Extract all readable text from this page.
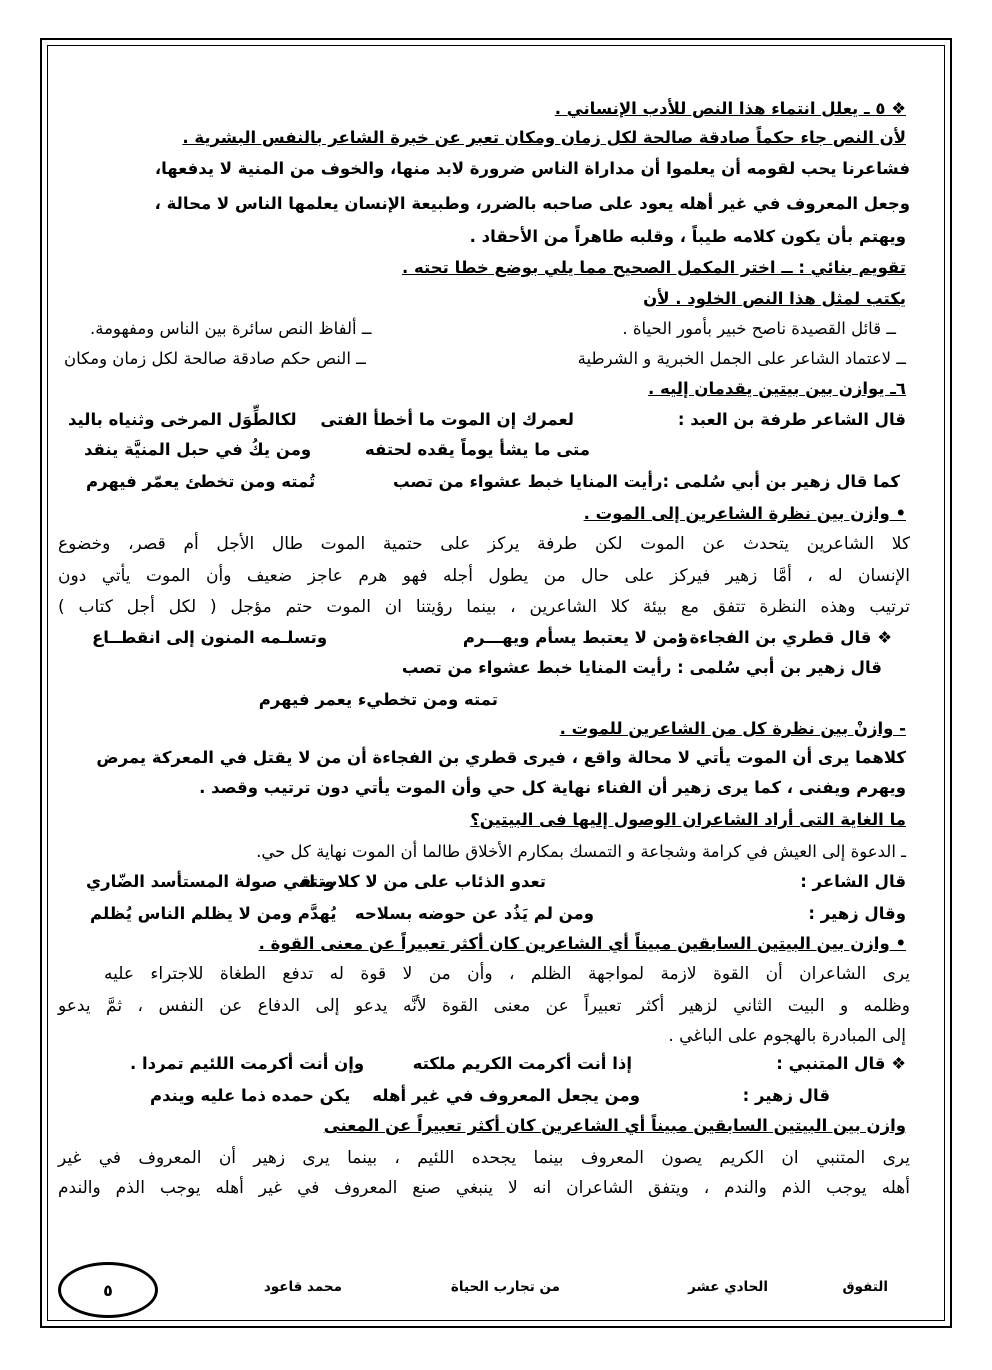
❖ ٥ ـ يعلل انتماء هذا النص للأدب الإنساني .
لأن النص جاء حكماً صادقة صالحة لكل زمان ومكان تعبر عن خبرة الشاعر بالنفس البشرية .
فشاعرنا يحب لقومه أن يعلموا أن مداراة الناس ضرورة لابد منها، والخوف من المنية لا يدفعها،
وجعل المعروف في غير أهله يعود على صاحبه بالضرر، وطبيعة الإنسان يعلمها الناس لا محالة ،
ويهتم بأن يكون كلامه طيباً ، وقلبه طاهراً من الأحقاد .
تقويم بنائي : ــ اختر المكمل الصحيح مما يلي بوضع خطا تحته .
يكتب لمثل هذا النص الخلود . لأن
ــ قائل القصيدة ناصح خبير بأمور الحياة .
ــ ألفاظ النص سائرة بين الناس ومفهومة.
ــ لاعتماد الشاعر على الجمل الخبرية و الشرطية
ــ النص حكم صادقة صالحة لكل زمان ومكان
٦ـ يوازن بين بيتين يقدمان إليه .
قال الشاعر طرفة بن العبد :
لعمرك إن الموت ما أخطأ الفتى
لكالطِّوَل المرخى وثنياه باليد
متى ما يشأ يوماً يقده لحتفه
ومن يكُ في حبل المنيَّة ينقد
كما قال زهير بن أبي سُلمى :رأيت المنايا خبط عشواء من تصب
تُمته ومن تخطئ يعمّر فيهرم
• وازن بين نظرة الشاعرين إلى الموت .
كلا الشاعرين يتحدث عن الموت لكن طرفة يركز على حتمية الموت طال الأجل أم قصر، وخضوع
الإنسان له ، أمَّا زهير فيركز على حال من يطول أجله فهو هرم عاجز ضعيف وأن الموت يأتي دون
ترتيب وهذه النظرة تتفق مع بيئة كلا الشاعرين ، بينما رؤيتنا ان الموت حتم مؤجل ( لكل أجل كتاب )
❖ قال قطري بن الفجاءة :
ومن لا يعتبط يسأم ويهـــرم
وتسلـمه المنون إلى انقطــاع
قال زهير بن أبي سُلمى : رأيت المنايا خبط عشواء من تصب
تمته ومن تخطيء يعمر فيهرم
- وازنْ بين نظرة كل من الشاعرين للموت .
كلاهما يرى أن الموت يأتي لا محالة واقع ، فيرى قطري بن الفجاءة أن من لا يقتل في المعركة يمرض
ويهرم ويفنى ، كما يرى زهير أن الفناء نهاية كل حي وأن الموت يأتي دون ترتيب وقصد .
ما الغاية التى أراد الشاعران الوصول إليها فى البيتين؟
ـ الدعوة إلى العيش في كرامة وشجاعة و التمسك بمكارم الأخلاق طالما أن الموت نهاية كل حي.
قال الشاعر :
تعدو الذئاب على من لا كلاب له
وتتقي صولة المستأسد الضّاري
وقال زهير :
ومن لم يَذُد عن حوضه بسلاحه
يُهدَّم ومن لا يظلم الناس يُظلم
• وازن بين البيتين السابقين مبيناً أي الشاعرين كان أكثر تعبيراً عن معنى القوة .
يرى الشاعران أن القوة لازمة لمواجهة الظلم ، وأن من لا قوة له تدفع الطغاة للاجتراء عليه
وظلمه و البيت الثاني لزهير أكثر تعبيراً عن معنى القوة لأنَّه يدعو إلى الدفاع عن النفس ، ثمَّ يدعو
إلى المبادرة بالهجوم على الباغي .
❖ قال المتنبي :
إذا أنت أكرمت الكريم ملكته
وإن أنت أكرمت اللئيم تمردا .
قال زهير :
ومن يجعل المعروف في غير أهله
يكن حمده ذما عليه ويندم
وازن بين البيتين السابقين مبيناً أي الشاعرين كان أكثر تعبيراً عن المعنى
يرى المتنبي ان الكريم يصون المعروف بينما يجحده اللئيم ، بينما يرى زهير أن المعروف في غير
أهله يوجب الذم والندم ، ويتفق الشاعران انه لا ينبغي صنع المعروف في غير أهله يوجب الذم والندم
التفوق
الحادي عشر
من تجارب الحياة
محمد قاعود
٥
